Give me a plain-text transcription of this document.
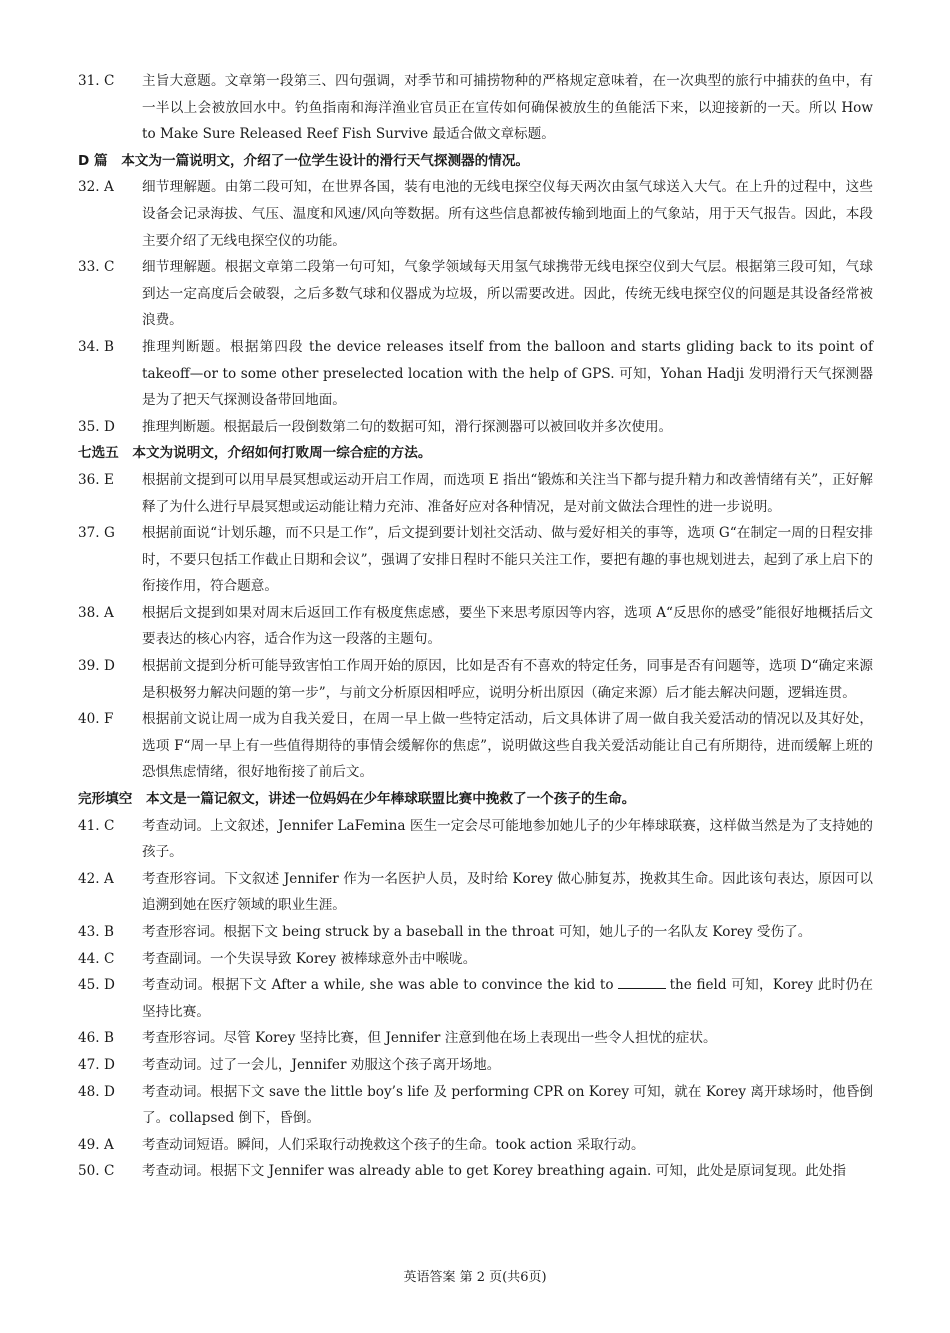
31. C	主旨大意题。文章第一段第三、四句强调，对季节和可捕捞物种的严格规定意味着，在一次典型的旅行中捕获的鱼中，有一半以上会被放回水中。钓鱼指南和海洋渔业官员正在宣传如何确保被放生的鱼能活下来，以迎接新的一天。所以 How to Make Sure Released Reef Fish Survive 最适合做文章标题。
D 篇　本文为一篇说明文，介绍了一位学生设计的滑行天气探测器的情况。
32. A	细节理解题。由第二段可知，在世界各国，装有电池的无线电探空仪每天两次由氢气球送入大气。在上升的过程中，这些设备会记录海拔、气压、温度和风速/风向等数据。所有这些信息都被传输到地面上的气象站，用于天气报告。因此，本段主要介绍了无线电探空仪的功能。
33. C	细节理解题。根据文章第二段第一句可知，气象学领域每天用氢气球携带无线电探空仪到大气层。根据第三段可知，气球到达一定高度后会破裂，之后多数气球和仪器成为垃圾，所以需要改进。因此，传统无线电探空仪的问题是其设备经常被浪费。
34. B	推理判断题。根据第四段 the device releases itself from the balloon and starts gliding back to its point of takeoff—or to some other preselected location with the help of GPS. 可知，Yohan Hadji 发明滑行天气探测器是为了把天气探测设备带回地面。
35. D	推理判断题。根据最后一段倒数第二句的数据可知，滑行探测器可以被回收并多次使用。
七选五　本文为说明文，介绍如何打败周一综合症的方法。
36. E	根据前文提到可以用早晨冥想或运动开启工作周，而选项 E 指出“锻炼和关注当下都与提升精力和改善情绪有关”，正好解释了为什么进行早晨冥想或运动能让精力充沛、准备好应对各种情况，是对前文做法合理性的进一步说明。
37. G	根据前面说“计划乐趣，而不只是工作”，后文提到要计划社交活动、做与爱好相关的事等，选项 G“在制定一周的日程安排时，不要只包括工作截止日期和会议”，强调了安排日程时不能只关注工作，要把有趣的事也规划进去，起到了承上启下的衔接作用，符合题意。
38. A	根据后文提到如果对周末后返回工作有极度焦虑感，要坐下来思考原因等内容，选项 A“反思你的感受”能很好地概括后文要表达的核心内容，适合作为这一段落的主题句。
39. D	根据前文提到分析可能导致害怕工作周开始的原因，比如是否有不喜欢的特定任务，同事是否有问题等，选项 D“确定来源是积极努力解决问题的第一步”，与前文分析原因相呼应，说明分析出原因（确定来源）后才能去解决问题，逻辑连贯。
40. F	根据前文说让周一成为自我关爱日，在周一早上做一些特定活动，后文具体讲了周一做自我关爱活动的情况以及其好处，选项 F“周一早上有一些值得期待的事情会缓解你的焦虑”，说明做这些自我关爱活动能让自己有所期待，进而缓解上班的恐惧焦虑情绪，很好地衔接了前后文。
完形填空　本文是一篇记叙文，讲述一位妈妈在少年棒球联盟比赛中挽救了一个孩子的生命。
41. C	考查动词。上文叙述，Jennifer LaFemina 医生一定会尽可能地参加她儿子的少年棒球联赛，这样做当然是为了支持她的孩子。
42. A	考查形容词。下文叙述 Jennifer 作为一名医护人员，及时给 Korey 做心肺复苏，挽救其生命。因此该句表达，原因可以追溯到她在医疗领域的职业生涯。
43. B	考查形容词。根据下文 being struck by a baseball in the throat 可知，她儿子的一名队友 Korey 受伤了。
44. C	考查副词。一个失误导致 Korey 被棒球意外击中喉咙。
45. D	考查动词。根据下文 After a while, she was able to convince the kid to	the field 可知，Korey 此时仍在坚持比赛。
46. B	考查形容词。尽管 Korey 坚持比赛，但 Jennifer 注意到他在场上表现出一些令人担忧的症状。
47. D	考查动词。过了一会儿，Jennifer 劝服这个孩子离开场地。
48. D	考查动词。根据下文 save the little boy’s life 及 performing CPR on Korey 可知，就在 Korey 离开球场时，他昏倒了。collapsed 倒下，昏倒。
49. A	考查动词短语。瞬间，人们采取行动挽救这个孩子的生命。took action 采取行动。
50. C	考查动词。根据下文 Jennifer was already able to get Korey breathing again. 可知，此处是原词复现。此处指
英语答案 第 2 页(共6页)
